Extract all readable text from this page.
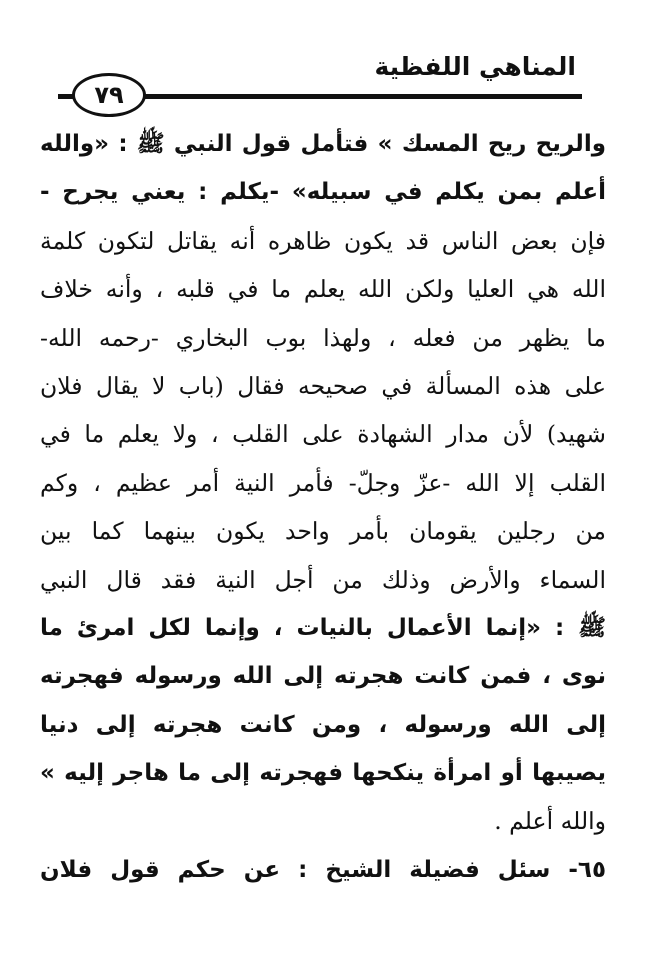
المناهي اللفظية
٧٩
والريح ريح المسك » فتأمل قول النبي ﷺ : «والله
أعلم بمن يكلم في سبيله» -يكلم : يعني يجرح -
فإن بعض الناس قد يكون ظاهره أنه يقاتل لتكون كلمة
الله هي العليا ولكن الله يعلم ما في قلبه ، وأنه خلاف
ما يظهر من فعله ، ولهذا بوب البخاري -رحمه الله-
على هذه المسألة في صحيحه فقال (باب لا يقال فلان
شهيد) لأن مدار الشهادة على القلب ، ولا يعلم ما في
القلب إلا الله -عزّ وجلّ- فأمر النية أمر عظيم ، وكم
من رجلين يقومان بأمر واحد يكون بينهما كما بين
السماء والأرض وذلك من أجل النية فقد قال النبي
ﷺ : «إنما الأعمال بالنيات ، وإنما لكل امرئ ما
نوى ، فمن كانت هجرته إلى الله ورسوله فهجرته
إلى الله ورسوله ، ومن كانت هجرته إلى دنيا
يصيبها أو امرأة ينكحها فهجرته إلى ما هاجر إليه »
والله أعلم .
٦٥- سئل فضيلة الشيخ : عن حكم قول فلان
